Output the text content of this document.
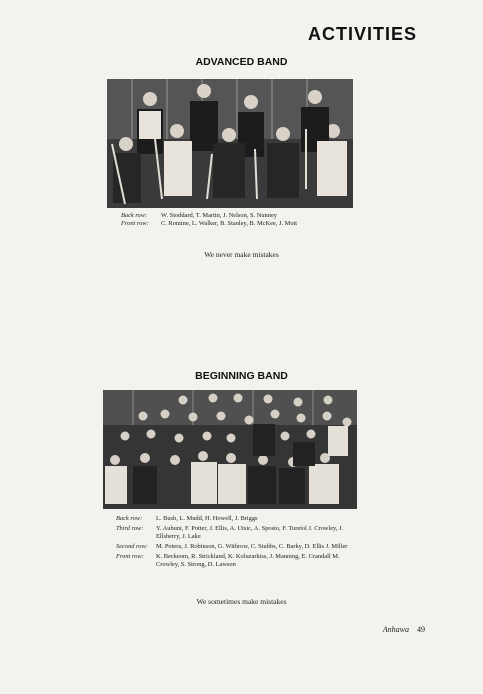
ACTIVITIES
ADVANCED BAND
Back row:	W. Stoddard, T. Martin, J. Nelson, S. Nunney
Front row:	C. Romine, L. Walker, B. Stanley, B. McKee, J. Mott
We never make mistakes
BEGINNING BAND
Back row:	L. Bush, L. Mudd, H. Howell, J. Briggs
Third row:	Y. Aubuni, F. Potter, J. Ellis, A. Utsic, A. Sposto, F. Turetol J. Crowley, J. Ellsberry, J. Lake
Second row:	M. Potera, J. Robinson, G. Withrow, C. Stubbs, C. Barky, D. Ellis J. Miller
Front row:	K. Beckeom, R. Strickland, K. Koluzarkiss, J. Manning, E. Crandall M. Crowley, S. Strong, D. Lawson
We sometimes make mistakes
Anhawa 49
